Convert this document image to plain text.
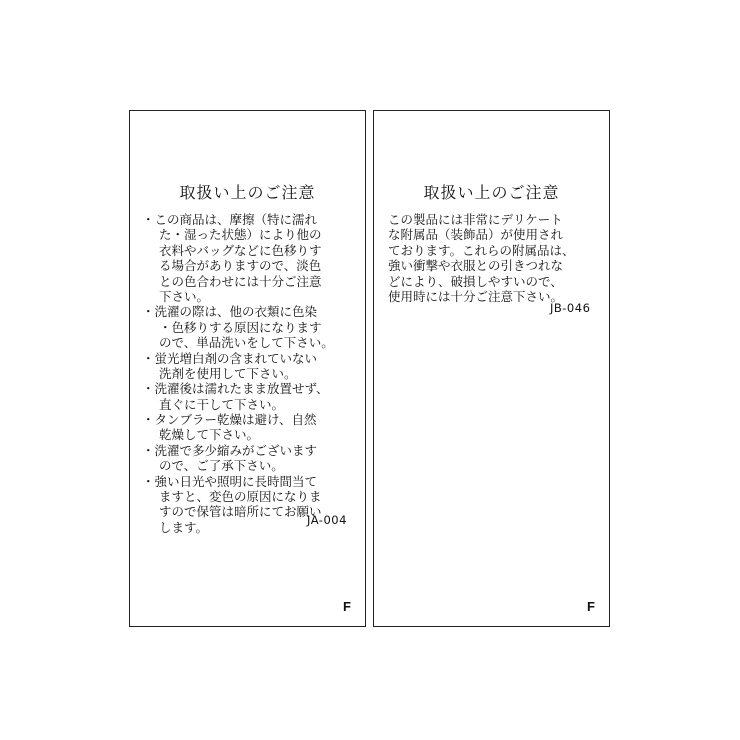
取扱い上のご注意
・この商品は、摩擦（特に濡れ
た・湿った状態）により他の
衣料やバッグなどに色移りす
る場合がありますので、淡色
との色合わせには十分ご注意
下さい。
・洗濯の際は、他の衣類に色染
・色移りする原因になります
ので、単品洗いをして下さい。
・蛍光増白剤の含まれていない
洗剤を使用して下さい。
・洗濯後は濡れたまま放置せず、
直ぐに干して下さい。
・タンブラー乾燥は避け、自然
乾燥して下さい。
・洗濯で多少縮みがございます
ので、ご了承下さい。
・強い日光や照明に長時間当て
ますと、変色の原因になりま
すので保管は暗所にてお願い
します。	JA-004
F
取扱い上のご注意
この製品には非常にデリケート
な附属品（装飾品）が使用され
ております。これらの附属品は、
強い衝撃や衣服との引きつれな
どにより、破損しやすいので、
使用時には十分ご注意下さい。
JB-046
F
